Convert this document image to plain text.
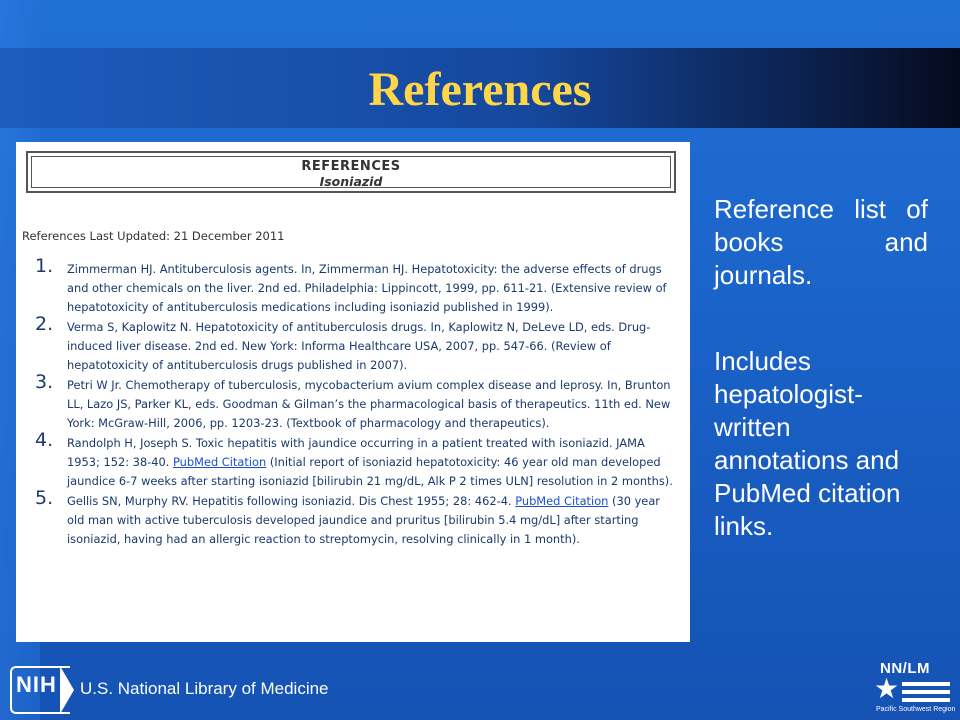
References
REFERENCES
Isoniazid
References Last Updated: 21 December 2011
1. Zimmerman HJ. Antituberculosis agents. In, Zimmerman HJ. Hepatotoxicity: the adverse effects of drugs and other chemicals on the liver. 2nd ed. Philadelphia: Lippincott, 1999, pp. 611-21. (Extensive review of hepatotoxicity of antituberculosis medications including isoniazid published in 1999).
2. Verma S, Kaplowitz N. Hepatotoxicity of antituberculosis drugs. In, Kaplowitz N, DeLeve LD, eds. Drug-induced liver disease. 2nd ed. New York: Informa Healthcare USA, 2007, pp. 547-66. (Review of hepatotoxicity of antituberculosis drugs published in 2007).
3. Petri W Jr. Chemotherapy of tuberculosis, mycobacterium avium complex disease and leprosy. In, Brunton LL, Lazo JS, Parker KL, eds. Goodman & Gilman’s the pharmacological basis of therapeutics. 11th ed. New York: McGraw-Hill, 2006, pp. 1203-23. (Textbook of pharmacology and therapeutics).
4. Randolph H, Joseph S. Toxic hepatitis with jaundice occurring in a patient treated with isoniazid. JAMA 1953; 152: 38-40. PubMed Citation (Initial report of isoniazid hepatotoxicity: 46 year old man developed jaundice 6-7 weeks after starting isoniazid [bilirubin 21 mg/dL, Alk P 2 times ULN] resolution in 2 months).
5. Gellis SN, Murphy RV. Hepatitis following isoniazid. Dis Chest 1955; 28: 462-4. PubMed Citation (30 year old man with active tuberculosis developed jaundice and pruritus [bilirubin 5.4 mg/dL] after starting isoniazid, having had an allergic reaction to streptomycin, resolving clinically in 1 month).
Reference list of books and journals.
Includes hepatologist-written annotations and PubMed citation links.
NIH U.S. National Library of Medicine
NN/LM
★
Pacific Southwest Region
